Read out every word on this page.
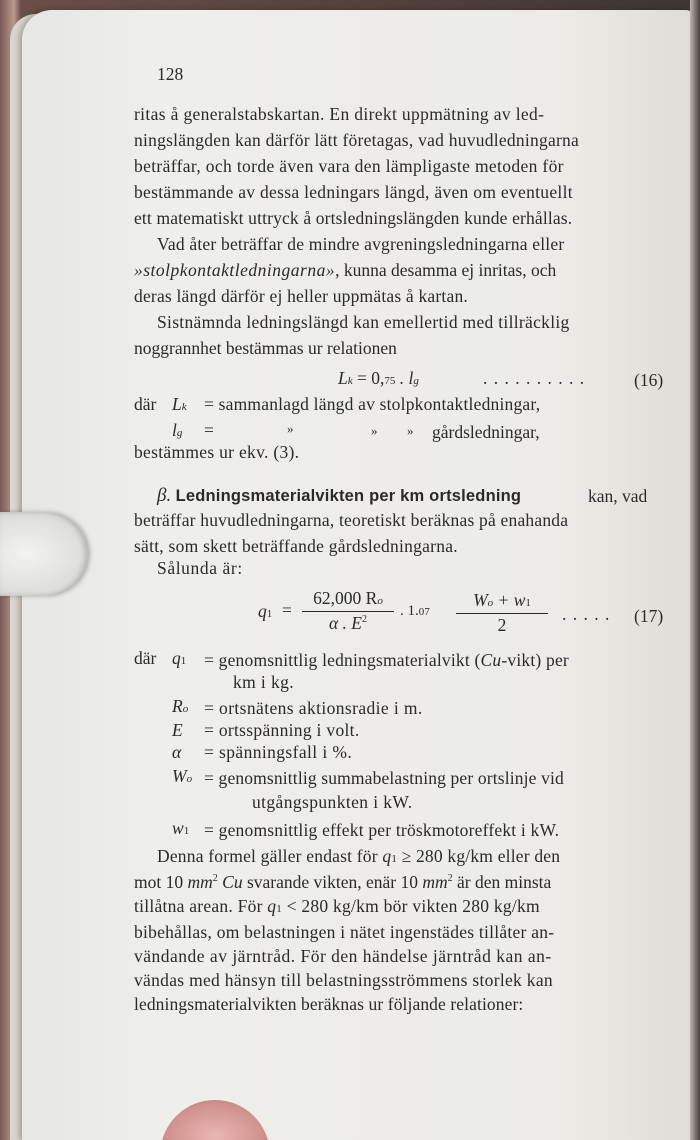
128
ritas å generalstabskartan. En direkt uppmätning av led-
ningslängden kan därför lätt företagas, vad huvudledningarna
beträffar, och torde även vara den lämpligaste metoden för
bestämmande av dessa ledningars längd, även om eventuellt
ett matematiskt uttryck å ortsledningslängden kunde erhållas.
Vad åter beträffar de mindre avgreningsledningarna eller
»stolpkontaktledningarna», kunna desamma ej inritas, och
deras längd därför ej heller uppmätas å kartan.
Sistnämnda ledningslängd kan emellertid med tillräcklig
noggrannhet bestämmas ur relationen
Lk = 0,75 . lg	. . . . . . . . . .	(16)
där Lk = sammanlagd längd av stolpkontaktledningar,
lg =	»	» » gårdsledningar,
bestämmes ur ekv. (3).
β. Ledningsmaterialvikten per km ortsledning	kan, vad
beträffar huvudledningarna, teoretiskt beräknas på enahanda
sätt, som skett beträffande gårdsledningarna.
Sålunda är:
q1 =
62,000 Ro
α . $E^2$
. 1.07
Wo + w1
2
. . . . . (17)
där q1 = genomsnittlig ledningsmaterialvikt (Cu-vikt) per
km i kg.
Ro = ortsnätens aktionsradie i m.
E = ortsspänning i volt.
α = spänningsfall i %.
Wo = genomsnittlig summabelastning per ortslinje vid
utgångspunkten i kW.
w1 = genomsnittlig effekt per tröskmotoreffekt i kW.
Denna formel gäller endast för q1 ≥ 280 kg/km eller den
mot 10 $mm^2$ Cu svarande vikten, enär 10 $mm^2$ är den minsta
tillåtna arean. För q1 < 280 kg/km bör vikten 280 kg/km
bibehållas, om belastningen i nätet ingenstädes tillåter an-
vändande av järntråd. För den händelse järntråd kan an-
vändas med hänsyn till belastningsströmmens storlek kan
ledningsmaterialvikten beräknas ur följande relationer:
